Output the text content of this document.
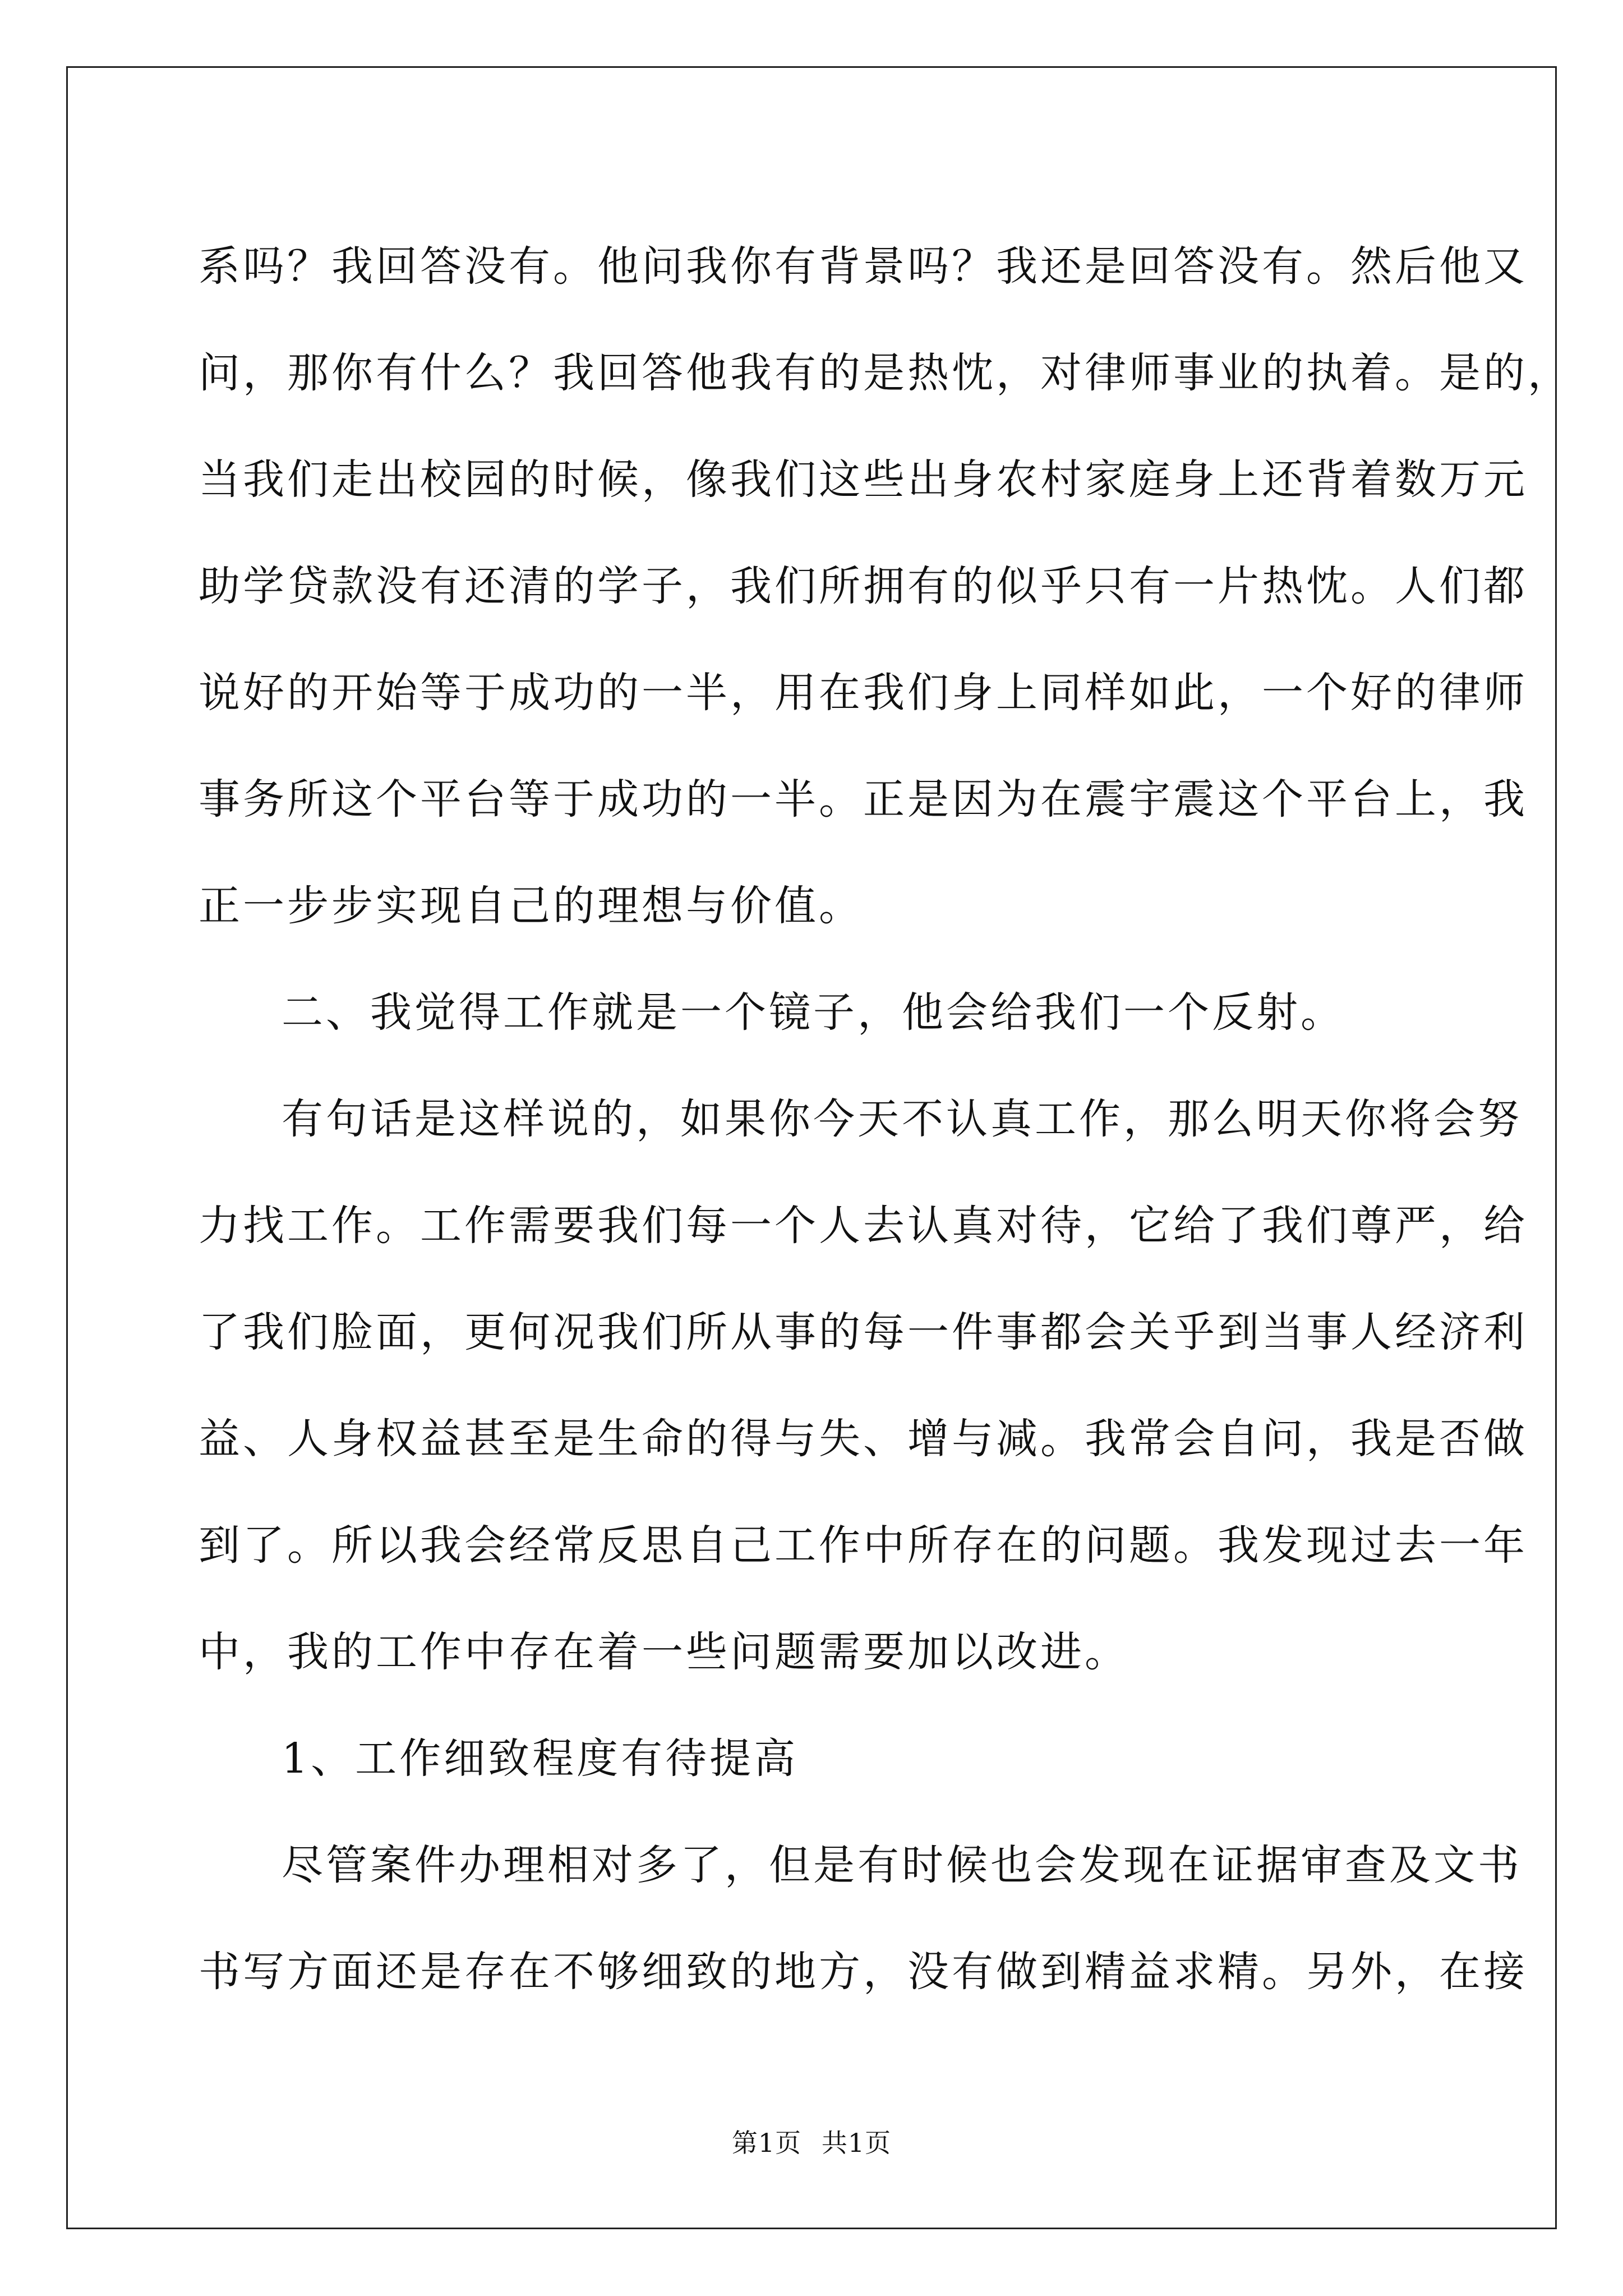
系吗？我回答没有。他问我你有背景吗？我还是回答没有。然后他又
问，那你有什么？我回答他我有的是热忱，对律师事业的执着。是的，
当我们走出校园的时候，像我们这些出身农村家庭身上还背着数万元
助学贷款没有还清的学子，我们所拥有的似乎只有一片热忱。人们都
说好的开始等于成功的一半，用在我们身上同样如此，一个好的律师
事务所这个平台等于成功的一半。正是因为在震宇震这个平台上，我
正一步步实现自己的理想与价值。
二、我觉得工作就是一个镜子，他会给我们一个反射。
有句话是这样说的，如果你今天不认真工作，那么明天你将会努
力找工作。工作需要我们每一个人去认真对待，它给了我们尊严，给
了我们脸面，更何况我们所从事的每一件事都会关乎到当事人经济利
益、人身权益甚至是生命的得与失、增与减。我常会自问，我是否做
到了。所以我会经常反思自己工作中所存在的问题。我发现过去一年
中，我的工作中存在着一些问题需要加以改进。
1、工作细致程度有待提高
尽管案件办理相对多了，但是有时候也会发现在证据审查及文书
书写方面还是存在不够细致的地方，没有做到精益求精。另外，在接
第1页 共1页
